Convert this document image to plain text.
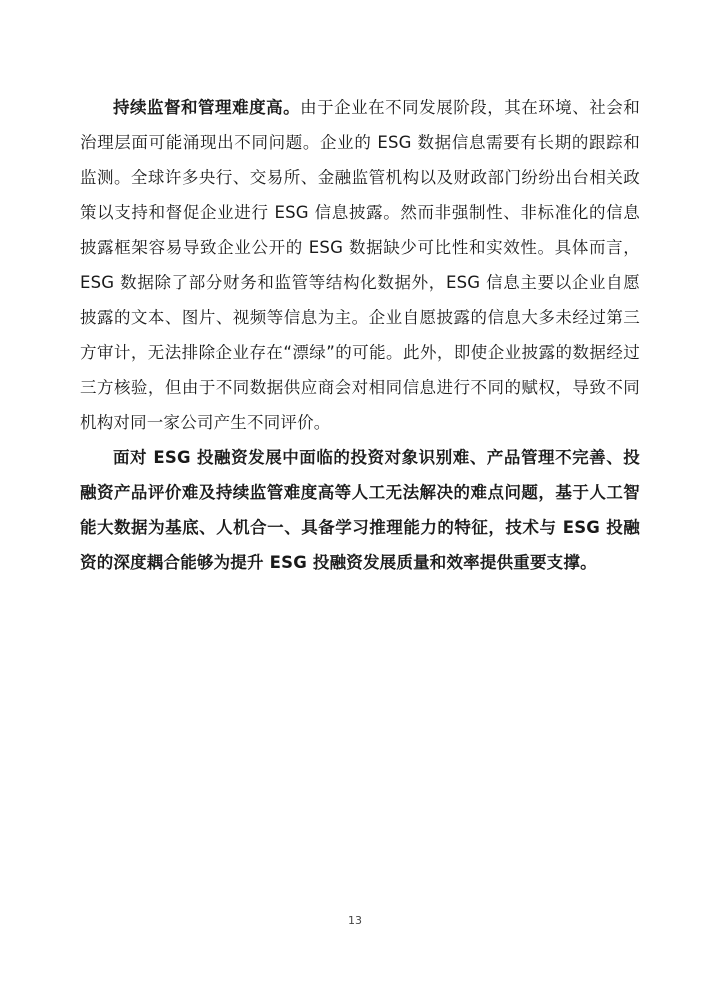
持续监督和管理难度高。由于企业在不同发展阶段，其在环境、社会和治理层面可能涌现出不同问题。企业的 ESG 数据信息需要有长期的跟踪和监测。全球许多央行、交易所、金融监管机构以及财政部门纷纷出台相关政策以支持和督促企业进行 ESG 信息披露。然而非强制性、非标准化的信息披露框架容易导致企业公开的 ESG 数据缺少可比性和实效性。具体而言，ESG 数据除了部分财务和监管等结构化数据外，ESG 信息主要以企业自愿披露的文本、图片、视频等信息为主。企业自愿披露的信息大多未经过第三方审计，无法排除企业存在“漂绿”的可能。此外，即使企业披露的数据经过三方核验，但由于不同数据供应商会对相同信息进行不同的赋权，导致不同机构对同一家公司产生不同评价。

面对 ESG 投融资发展中面临的投资对象识别难、产品管理不完善、投融资产品评价难及持续监管难度高等人工无法解决的难点问题，基于人工智能大数据为基底、人机合一、具备学习推理能力的特征，技术与 ESG 投融资的深度耦合能够为提升 ESG 投融资发展质量和效率提供重要支撑。

13
